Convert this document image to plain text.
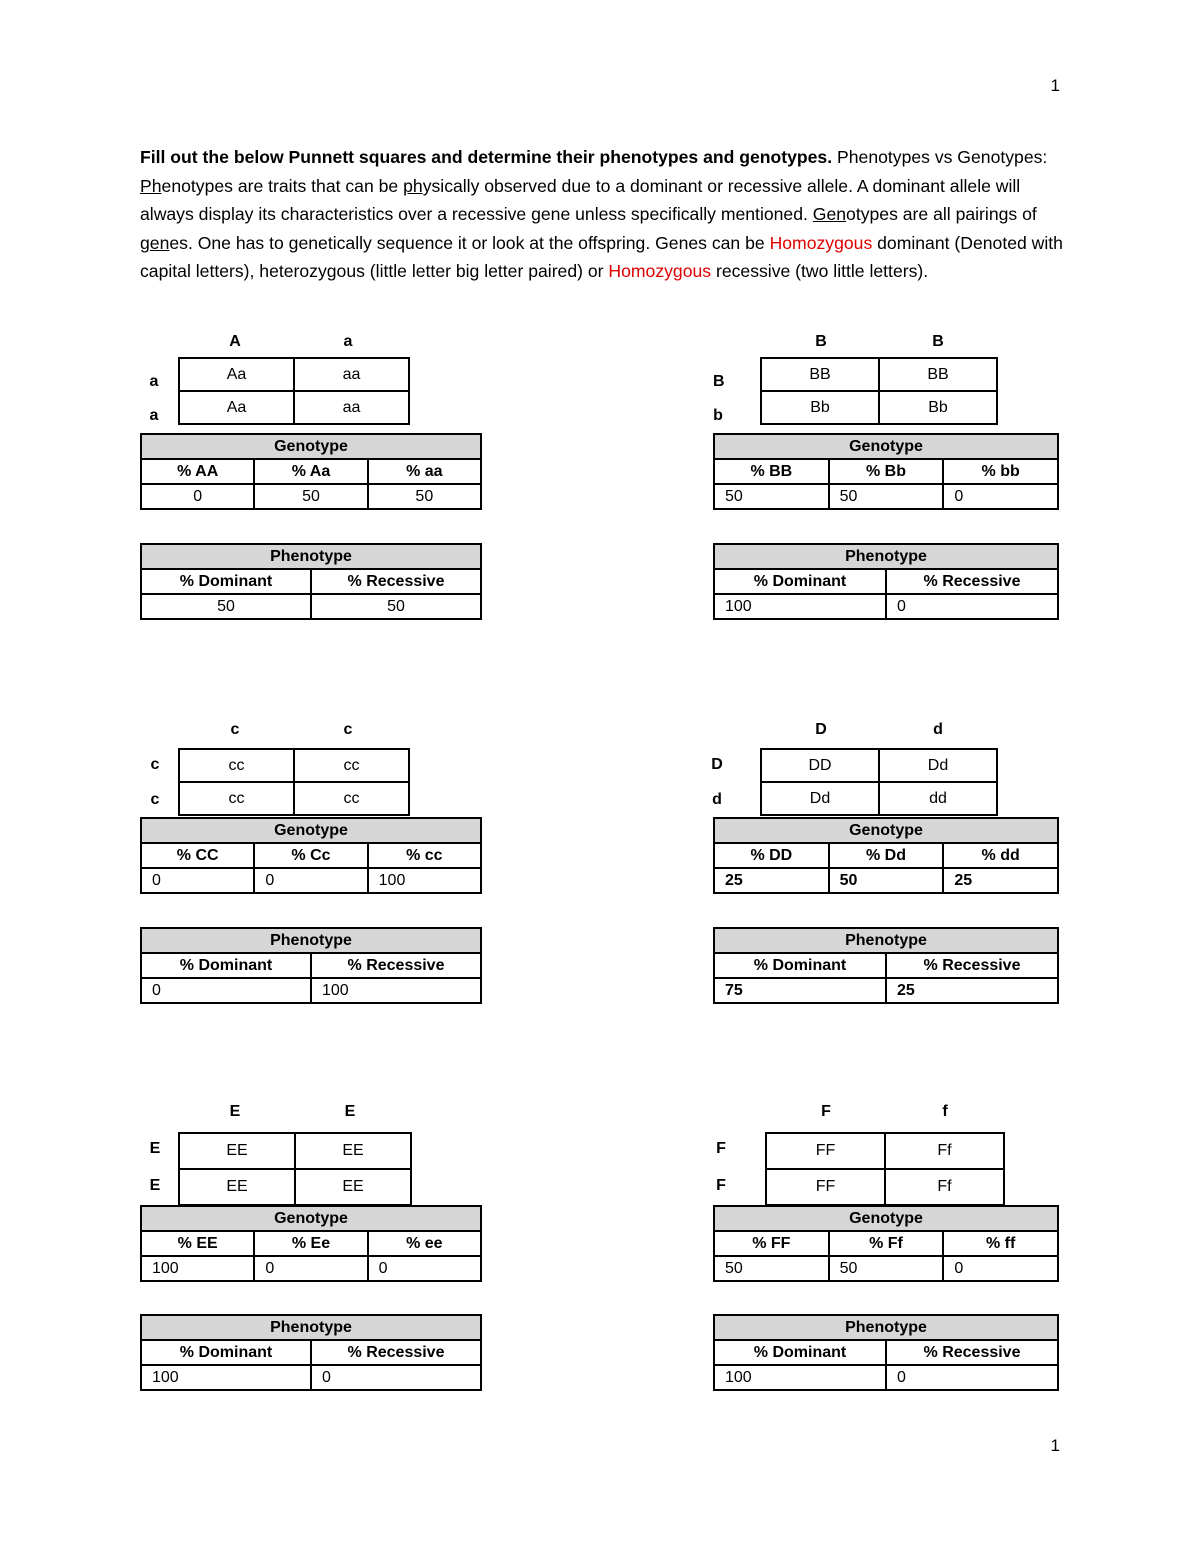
1

Fill out the below Punnett squares and determine their phenotypes and genotypes. Phenotypes vs Genotypes: Phenotypes are traits that can be physically observed due to a dominant or recessive allele. A dominant allele will always display its characteristics over a recessive gene unless specifically mentioned. Genotypes are all pairings of genes. One has to genetically sequence it or look at the offspring. Genes can be Homozygous dominant (Denoted with capital letters), heterozygous (little letter big letter paired) or Homozygous recessive (two little letters).

A	a
a
a
Aa	aa
Aa	aa
Genotype		
% AA	% Aa	% aa
0	50	50
Phenotype	
% Dominant	% Recessive
50	50
B	B
B
b
BB	BB
Bb	Bb
Genotype		
% BB	% Bb	% bb
50	50	0
Phenotype	
% Dominant	% Recessive
100	0
c	c
c
c
cc	cc
cc	cc
Genotype		
% CC	% Cc	% cc
0	0	100
Phenotype	
% Dominant	% Recessive
0	100
D	d
D
d
DD	Dd
Dd	dd
Genotype		
% DD	% Dd	% dd
25	50	25
Phenotype	
% Dominant	% Recessive
75	25
E	E
E
E
EE	EE
EE	EE
Genotype		
% EE	% Ee	% ee
100	0	0
Phenotype	
% Dominant	% Recessive
100	0
F	f
F
F
FF	Ff
FF	Ff
Genotype		
% FF	% Ff	% ff
50	50	0
Phenotype	
% Dominant	% Recessive
100	0
1
